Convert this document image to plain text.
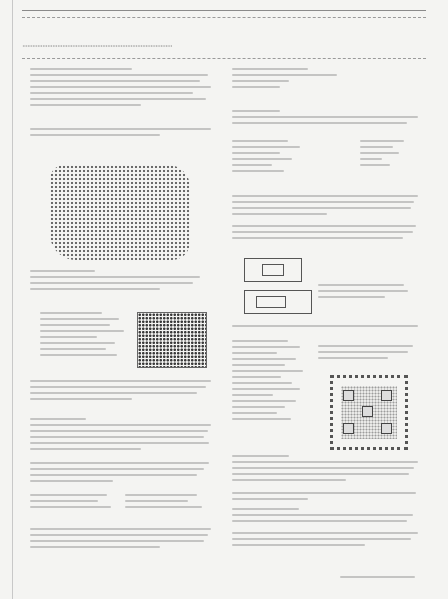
··························································································
